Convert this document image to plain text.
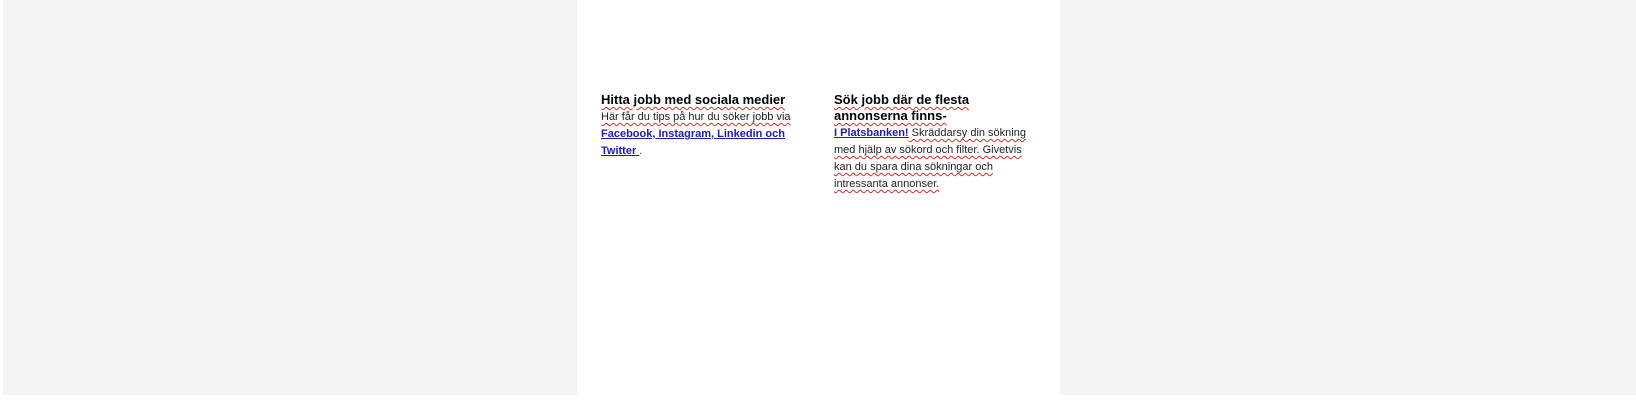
Hitta jobb med sociala medier

Här får du tips på hur du söker jobb via Facebook, Instagram, Linkedin och Twitter .

Sök jobb där de flesta annonserna finns-

I Platsbanken! Skräddarsy din sökning med hjälp av sökord och filter. Givetvis kan du spara dina sökningar och intressanta annonser.
